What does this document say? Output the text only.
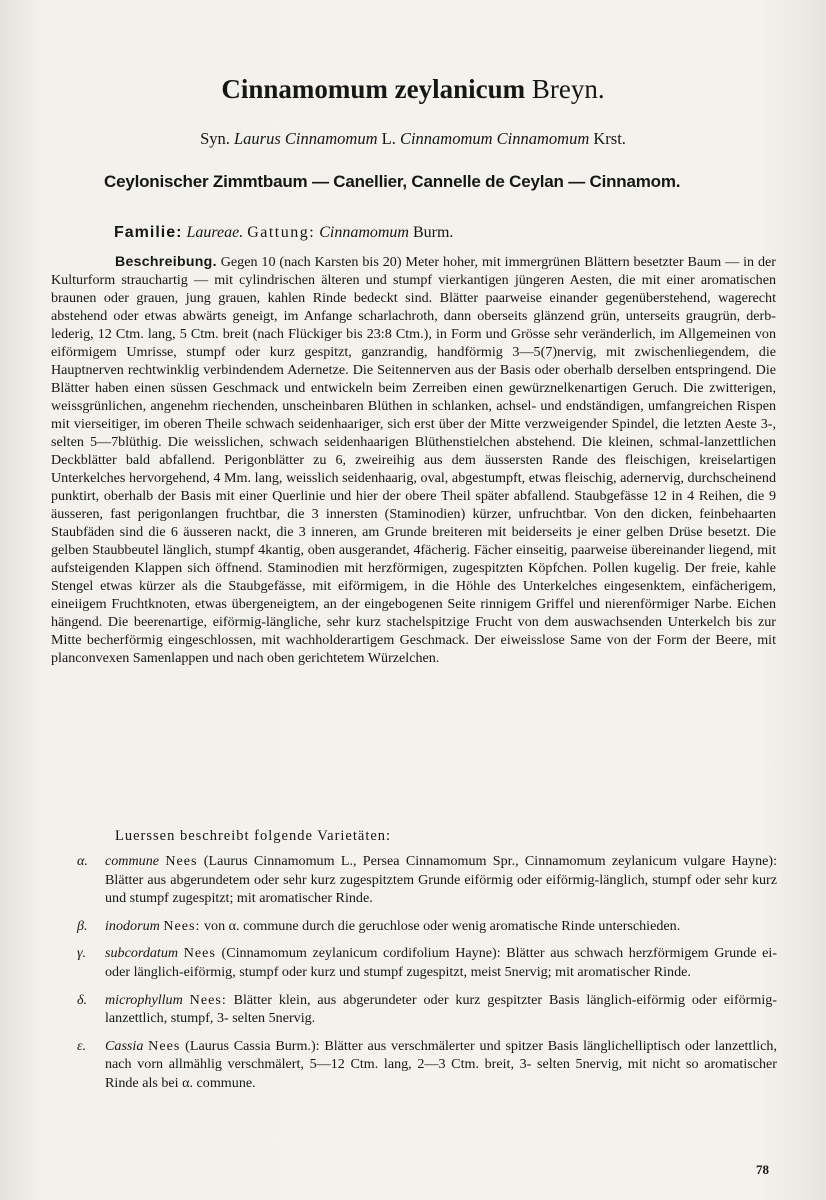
Cinnamomum zeylanicum Breyn.
Syn. Laurus Cinnamomum L. Cinnamomum Cinnamomum Krst.
Ceylonischer Zimmtbaum — Canellier, Cannelle de Ceylan — Cinnamom.
Familie: Laureae. Gattung: Cinnamomum Burm.
Beschreibung. Gegen 10 (nach Karsten bis 20) Meter hoher, mit immergrünen Blättern besetzter Baum — in der Kulturform strauchartig — mit cylindrischen älteren und stumpf vierkantigen jüngeren Aesten, die mit einer aromatischen braunen oder grauen, jung grauen, kahlen Rinde bedeckt sind. Blätter paarweise einander gegenüberstehend, wagerecht abstehend oder etwas abwärts geneigt, im Anfange scharlachroth, dann oberseits glänzend grün, unterseits graugrün, derb-lederig, 12 Ctm. lang, 5 Ctm. breit (nach Flückiger bis 23:8 Ctm.), in Form und Grösse sehr veränderlich, im Allgemeinen von eiförmigem Umrisse, stumpf oder kurz gespitzt, ganzrandig, handförmig 3—5(7)nervig, mit zwischenliegendem, die Hauptnerven rechtwinklig verbindendem Adernetze. Die Seitennerven aus der Basis oder oberhalb derselben entspringend. Die Blätter haben einen süssen Geschmack und entwickeln beim Zerreiben einen gewürznelkenartigen Geruch. Die zwitterigen, weissgrünlichen, angenehm riechenden, unscheinbaren Blüthen in schlanken, achsel- und endständigen, umfangreichen Rispen mit vierseitiger, im oberen Theile schwach seidenhaariger, sich erst über der Mitte verzweigender Spindel, die letzten Aeste 3-, selten 5—7blüthig. Die weisslichen, schwach seidenhaarigen Blüthenstielchen abstehend. Die kleinen, schmal-lanzettlichen Deckblätter bald abfallend. Perigonblätter zu 6, zweireihig aus dem äussersten Rande des fleischigen, kreiselartigen Unterkelches hervorgehend, 4 Mm. lang, weisslich seidenhaarig, oval, abgestumpft, etwas fleischig, adernervig, durchscheinend punktirt, oberhalb der Basis mit einer Querlinie und hier der obere Theil später abfallend. Staubgefässe 12 in 4 Reihen, die 9 äusseren, fast perigonlangen fruchtbar, die 3 innersten (Staminodien) kürzer, unfruchtbar. Von den dicken, feinbehaarten Staubfäden sind die 6 äusseren nackt, die 3 inneren, am Grunde breiteren mit beiderseits je einer gelben Drüse besetzt. Die gelben Staubbeutel länglich, stumpf 4kantig, oben ausgerandet, 4fächerig. Fächer einseitig, paarweise übereinander liegend, mit aufsteigenden Klappen sich öffnend. Staminodien mit herzförmigen, zugespitzten Köpfchen. Pollen kugelig. Der freie, kahle Stengel etwas kürzer als die Staubgefässe, mit eiförmigem, in die Höhle des Unterkelches eingesenktem, einfächerigem, eineiigem Fruchtknoten, etwas übergeneigtem, an der eingebogenen Seite rinnigem Griffel und nierenförmiger Narbe. Eichen hängend. Die beerenartige, eiförmig-längliche, sehr kurz stachelspitzige Frucht von dem auswachsenden Unterkelch bis zur Mitte becherförmig eingeschlossen, mit wachholderartigem Geschmack. Der eiweisslose Same von der Form der Beere, mit planconvexen Samenlappen und nach oben gerichtetem Würzelchen.
Luerssen beschreibt folgende Varietäten:
α. commune Nees (Laurus Cinnamomum L., Persea Cinnamomum Spr., Cinnamomum zeylanicum vulgare Hayne): Blätter aus abgerundetem oder sehr kurz zugespitztem Grunde eiförmig oder eiförmig-länglich, stumpf oder sehr kurz und stumpf zugespitzt; mit aromatischer Rinde.
β. inodorum Nees: von α. commune durch die geruchlose oder wenig aromatische Rinde unterschieden.
γ. subcordatum Nees (Cinnamomum zeylanicum cordifolium Hayne): Blätter aus schwach herzförmigem Grunde ei- oder länglich-eiförmig, stumpf oder kurz und stumpf zugespitzt, meist 5nervig; mit aromatischer Rinde.
δ. microphyllum Nees: Blätter klein, aus abgerundeter oder kurz gespitzter Basis länglich-eiförmig oder eiförmig-lanzettlich, stumpf, 3- selten 5nervig.
ε. Cassia Nees (Laurus Cassia Burm.): Blätter aus verschmälerter und spitzer Basis länglichelliptisch oder lanzettlich, nach vorn allmählig verschmälert, 5—12 Ctm. lang, 2—3 Ctm. breit, 3- selten 5nervig, mit nicht so aromatischer Rinde als bei α. commune.
78
